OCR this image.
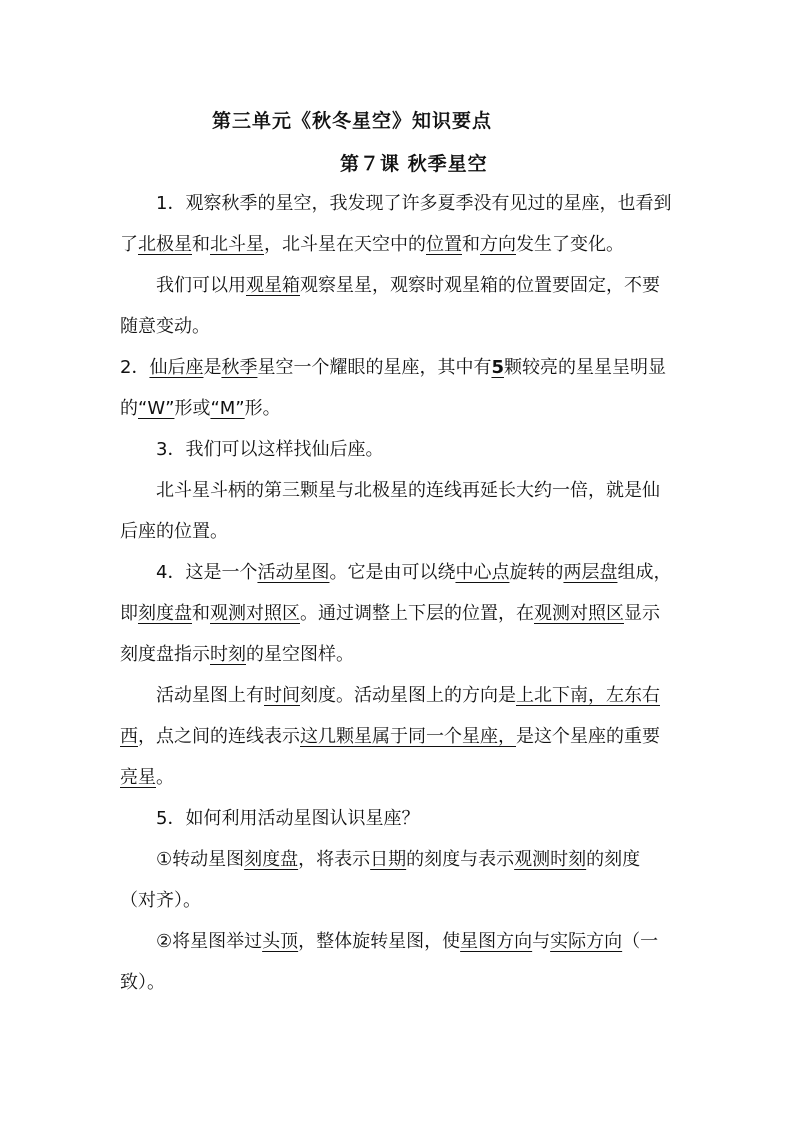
第三单元《秋冬星空》知识要点
第７课 秋季星空

1．观察秋季的星空，我发现了许多夏季没有见过的星座，也看到了北极星和北斗星，北斗星在天空中的位置和方向发生了变化。

我们可以用观星箱观察星星，观察时观星箱的位置要固定，不要随意变动。

2．仙后座是秋季星空一个耀眼的星座，其中有5颗较亮的星星呈明显的“W”形或“M”形。

3．我们可以这样找仙后座。

北斗星斗柄的第三颗星与北极星的连线再延长大约一倍，就是仙后座的位置。

4．这是一个活动星图。它是由可以绕中心点旋转的两层盘组成，即刻度盘和观测对照区。通过调整上下层的位置，在观测对照区显示刻度盘指示时刻的星空图样。

活动星图上有时间刻度。活动星图上的方向是上北下南，左东右西，点之间的连线表示这几颗星属于同一个星座，是这个星座的重要亮星。

5．如何利用活动星图认识星座？

①转动星图刻度盘，将表示日期的刻度与表示观测时刻的刻度（对齐）。

②将星图举过头顶，整体旋转星图，使星图方向与实际方向（一致）。
